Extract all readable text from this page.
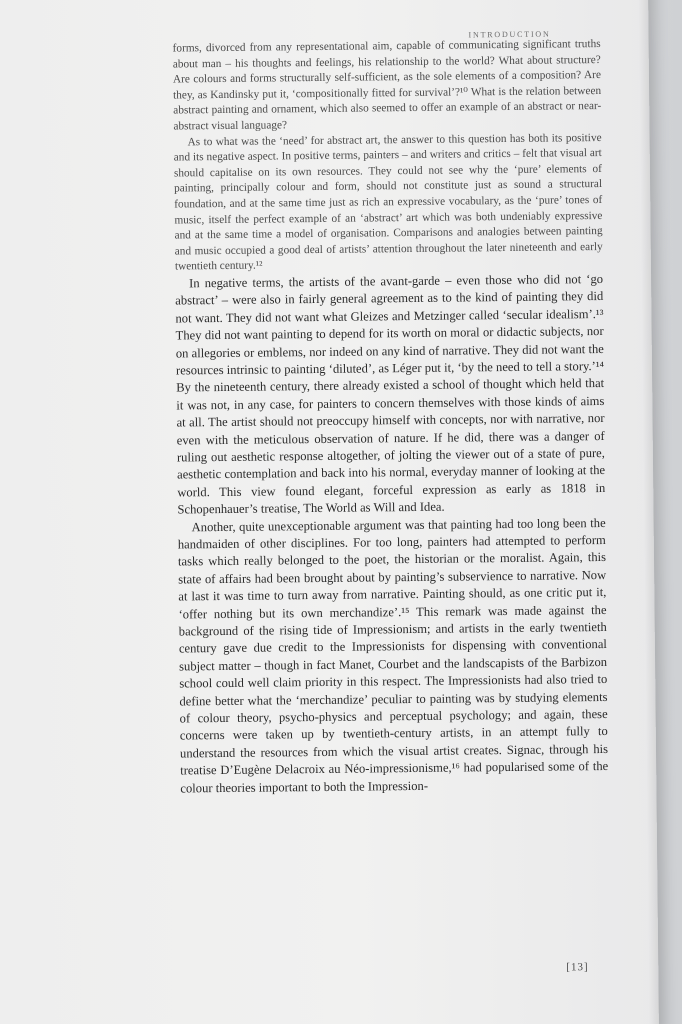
INTRODUCTION

forms, divorced from any representational aim, capable of communicating significant truths about man – his thoughts and feelings, his relationship to the world? What about structure? Are colours and forms structurally self-sufficient, as the sole elements of a composition? Are they, as Kandinsky put it, ‘compositionally fitted for survival’?¹⁰ What is the relation between abstract painting and ornament, which also seemed to offer an example of an abstract or near-abstract visual language?

As to what was the ‘need’ for abstract art, the answer to this question has both its positive and its negative aspect. In positive terms, painters – and writers and critics – felt that visual art should capitalise on its own resources. They could not see why the ‘pure’ elements of painting, principally colour and form, should not constitute just as sound a structural foundation, and at the same time just as rich an expressive vocabulary, as the ‘pure’ tones of music, itself the perfect example of an ‘abstract’ art which was both undeniably expressive and at the same time a model of organisation. Comparisons and analogies between painting and music occupied a good deal of artists’ attention throughout the later nineteenth and early twentieth century.¹²

In negative terms, the artists of the avant-garde – even those who did not ‘go abstract’ – were also in fairly general agreement as to the kind of painting they did not want. They did not want what Gleizes and Metzinger called ‘secular idealism’.¹³ They did not want painting to depend for its worth on moral or didactic subjects, nor on allegories or emblems, nor indeed on any kind of narrative. They did not want the resources intrinsic to painting ‘diluted’, as Léger put it, ‘by the need to tell a story.’¹⁴ By the nineteenth century, there already existed a school of thought which held that it was not, in any case, for painters to concern themselves with those kinds of aims at all. The artist should not preoccupy himself with concepts, nor with narrative, nor even with the meticulous observation of nature. If he did, there was a danger of ruling out aesthetic response altogether, of jolting the viewer out of a state of pure, aesthetic contemplation and back into his normal, everyday manner of looking at the world. This view found elegant, forceful expression as early as 1818 in Schopenhauer’s treatise, The World as Will and Idea.

Another, quite unexceptionable argument was that painting had too long been the handmaiden of other disciplines. For too long, painters had attempted to perform tasks which really belonged to the poet, the historian or the moralist. Again, this state of affairs had been brought about by painting’s subservience to narrative. Now at last it was time to turn away from narrative. Painting should, as one critic put it, ‘offer nothing but its own merchandize’.¹⁵ This remark was made against the background of the rising tide of Impressionism; and artists in the early twentieth century gave due credit to the Impressionists for dispensing with conventional subject matter – though in fact Manet, Courbet and the landscapists of the Barbizon school could well claim priority in this respect. The Impressionists had also tried to define better what the ‘merchandize’ peculiar to painting was by studying elements of colour theory, psycho-physics and perceptual psychology; and again, these concerns were taken up by twentieth-century artists, in an attempt fully to understand the resources from which the visual artist creates. Signac, through his treatise D’Eugène Delacroix au Néo-impressionisme,¹⁶ had popularised some of the colour theories important to both the Impression-

[13]
